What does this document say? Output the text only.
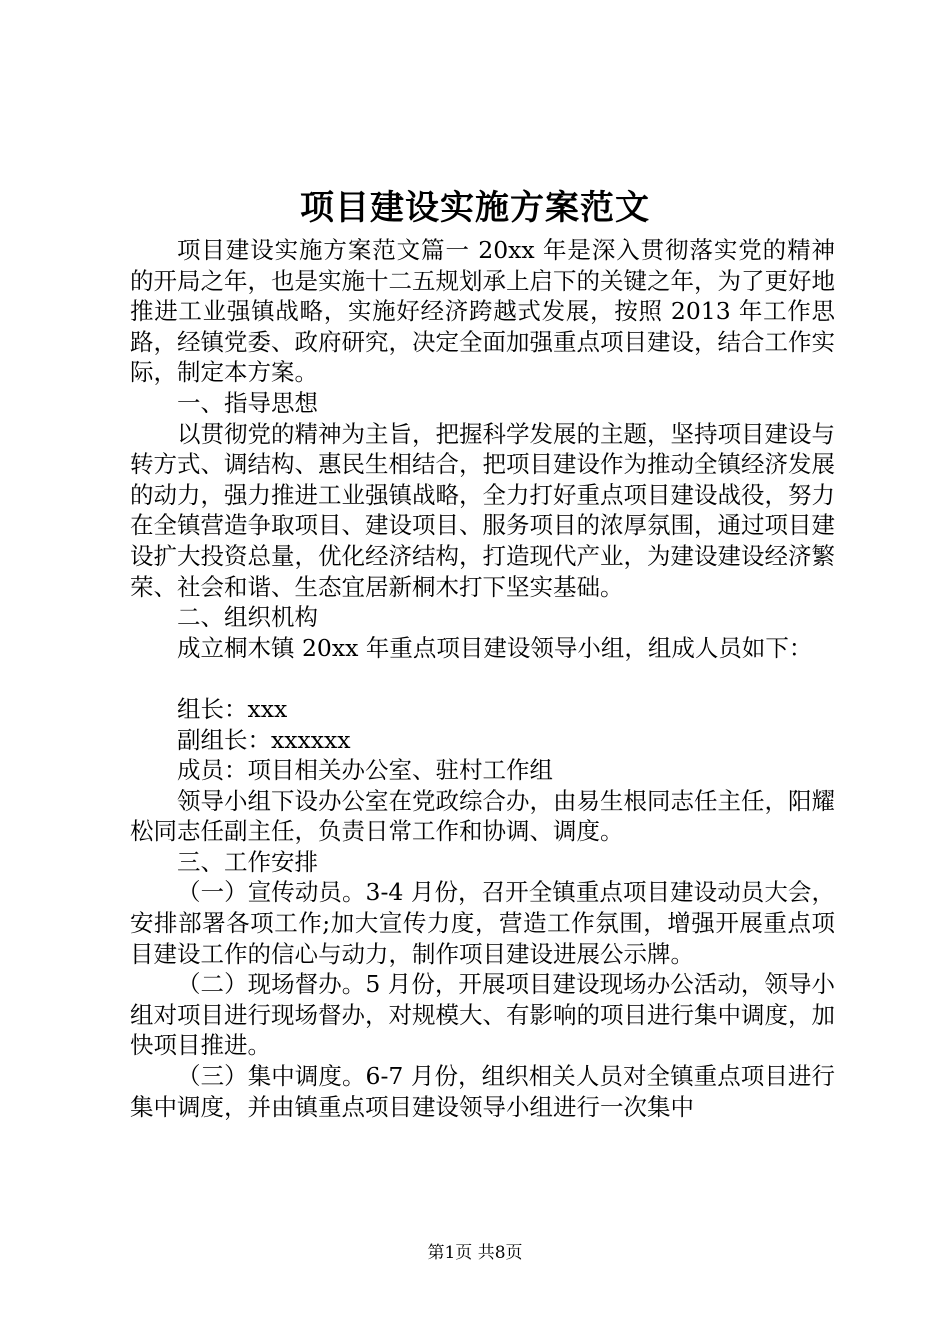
项目建设实施方案范文

项目建设实施方案范文篇一 20xx 年是深入贯彻落实党的精神的开局之年，也是实施十二五规划承上启下的关键之年，为了更好地推进工业强镇战略，实施好经济跨越式发展，按照 2013 年工作思路，经镇党委、政府研究，决定全面加强重点项目建设，结合工作实际，制定本方案。

一、指导思想

以贯彻党的精神为主旨，把握科学发展的主题，坚持项目建设与转方式、调结构、惠民生相结合，把项目建设作为推动全镇经济发展的动力，强力推进工业强镇战略，全力打好重点项目建设战役，努力在全镇营造争取项目、建设项目、服务项目的浓厚氛围，通过项目建设扩大投资总量，优化经济结构，打造现代产业，为建设建设经济繁荣、社会和谐、生态宜居新桐木打下坚实基础。

二、组织机构

成立桐木镇 20xx 年重点项目建设领导小组，组成人员如下：

组长：xxx

副组长：xxxxxx

成员：项目相关办公室、驻村工作组

领导小组下设办公室在党政综合办，由易生根同志任主任，阳耀松同志任副主任，负责日常工作和协调、调度。

三、工作安排

（一）宣传动员。3-4 月份，召开全镇重点项目建设动员大会，安排部署各项工作;加大宣传力度，营造工作氛围，增强开展重点项目建设工作的信心与动力，制作项目建设进展公示牌。

（二）现场督办。5 月份，开展项目建设现场办公活动，领导小组对项目进行现场督办，对规模大、有影响的项目进行集中调度，加快项目推进。

（三）集中调度。6-7 月份，组织相关人员对全镇重点项目进行集中调度，并由镇重点项目建设领导小组进行一次集中

第1页 共8页
